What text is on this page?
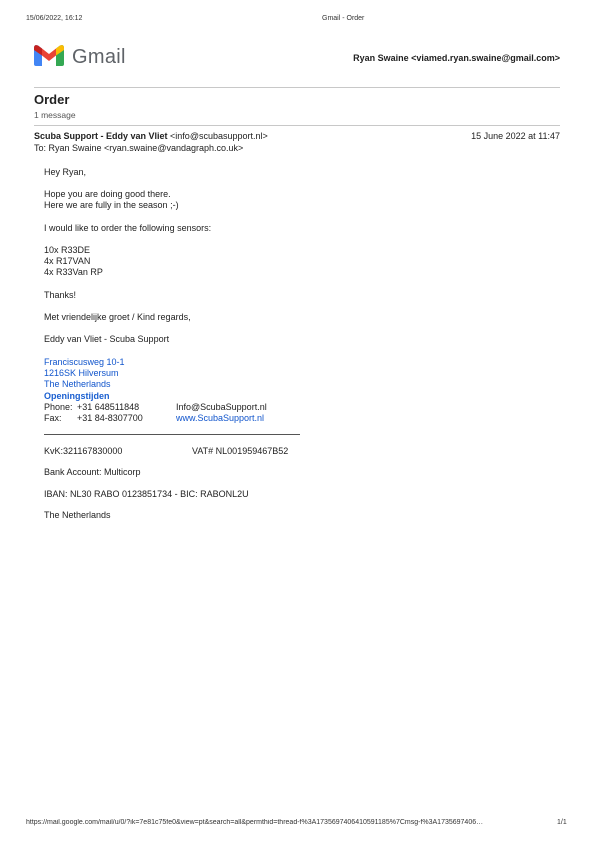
15/06/2022, 16:12	Gmail - Order
Gmail	Ryan Swaine <viamed.ryan.swaine@gmail.com>
Order
1 message
Scuba Support - Eddy van Vliet <info@scubasupport.nl>	15 June 2022 at 11:47
To: Ryan Swaine <ryan.swaine@vandagraph.co.uk>
Hey Ryan,
Hope you are doing good there.
Here we are fully in the season ;-)
I would like to order the following sensors:
10x R33DE
4x R17VAN
4x R33Van RP
Thanks!
Met vriendelijke groet / Kind regards,
Eddy van Vliet - Scuba Support
Franciscusweg 10-1
1216SK Hilversum
The Netherlands
Openingstijden
Phone: +31 648511848	Info@ScubaSupport.nl
Fax: +31 84-8307700	www.ScubaSupport.nl
KvK:321167830000	VAT# NL001959467B52
Bank Account: Multicorp
IBAN: NL30 RABO 0123851734 - BIC: RABONL2U
The Netherlands
https://mail.google.com/mail/u/0/?ik=7e81c75fe0&view=pt&search=all&permthid=thread-f%3A1735697406410591185%7Cmsg-f%3A1735697406…	1/1
